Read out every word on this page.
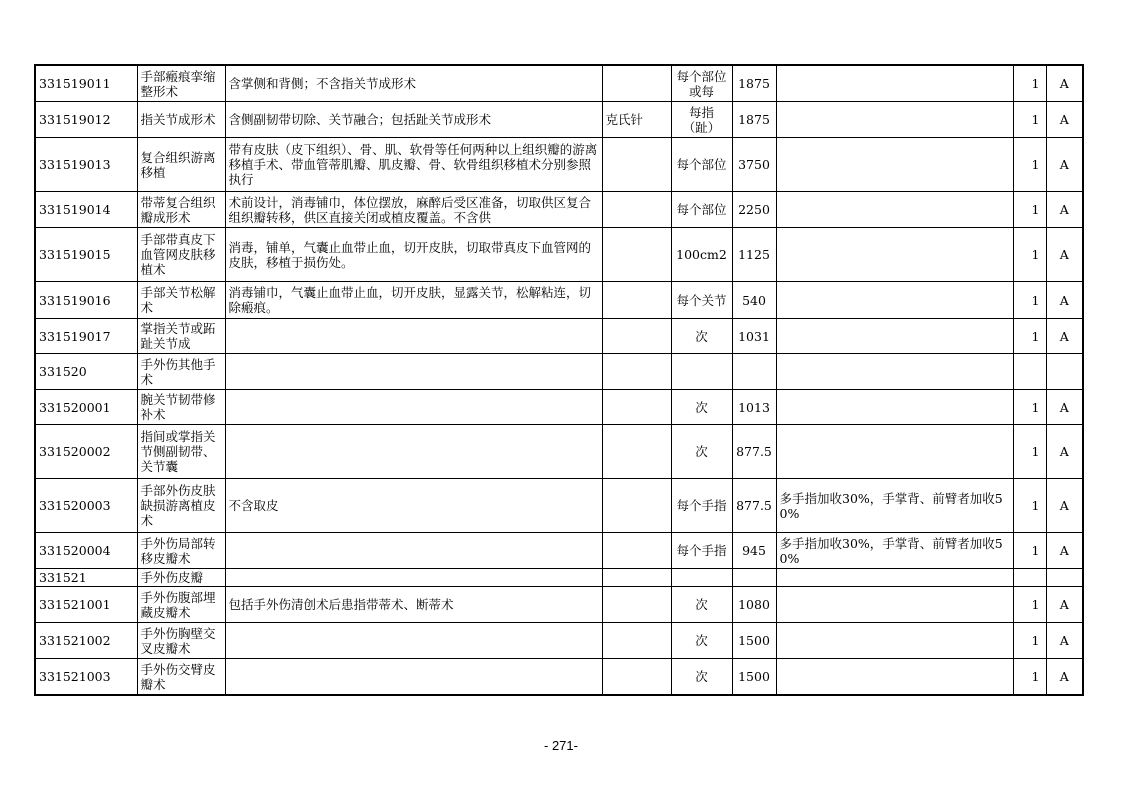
331519011	手部瘢痕挛缩整形术	含掌侧和背侧；不含指关节成形术		每个部位或每	1875		1	A

331519012	指关节成形术	含侧副韧带切除、关节融合；包括趾关节成形术	克氏针	每指（趾）	1875		1	A

331519013	复合组织游离移植	带有皮肤（皮下组织）、骨、肌、软骨等任何两种以上组织瓣的游离移植手术、带血管蒂肌瓣、肌皮瓣、骨、软骨组织移植术分别参照执行		每个部位	3750		1	A

331519014	带蒂复合组织瓣成形术	术前设计，消毒铺巾，体位摆放，麻醉后受区准备，切取供区复合组织瓣转移，供区直接关闭或植皮覆盖。不含供		每个部位	2250		1	A

331519015	手部带真皮下血管网皮肤移植术	消毒，铺单，气囊止血带止血，切开皮肤，切取带真皮下血管网的皮肤，移植于损伤处。		100cm2	1125		1	A

331519016	手部关节松解术	消毒铺巾，气囊止血带止血，切开皮肤，显露关节，松解粘连，切除瘢痕。		每个关节	540		1	A

331519017	掌指关节或跖趾关节成			次	1031		1	A

331520	手外伤其他手术							

331520001	腕关节韧带修补术			次	1013		1	A

331520002	指间或掌指关节侧副韧带、关节囊			次	877.5		1	A

331520003	手部外伤皮肤缺损游离植皮术	不含取皮		每个手指	877.5	多手指加收30%，手掌背、前臂者加收50%	1	A

331520004	手外伤局部转移皮瓣术			每个手指	945	多手指加收30%，手掌背、前臂者加收50%	1	A

331521	手外伤皮瓣							

331521001	手外伤腹部埋藏皮瓣术	包括手外伤清创术后患指带蒂术、断蒂术		次	1080		1	A

331521002	手外伤胸壁交叉皮瓣术			次	1500		1	A

331521003	手外伤交臂皮瓣术			次	1500		1	A
- 271-
